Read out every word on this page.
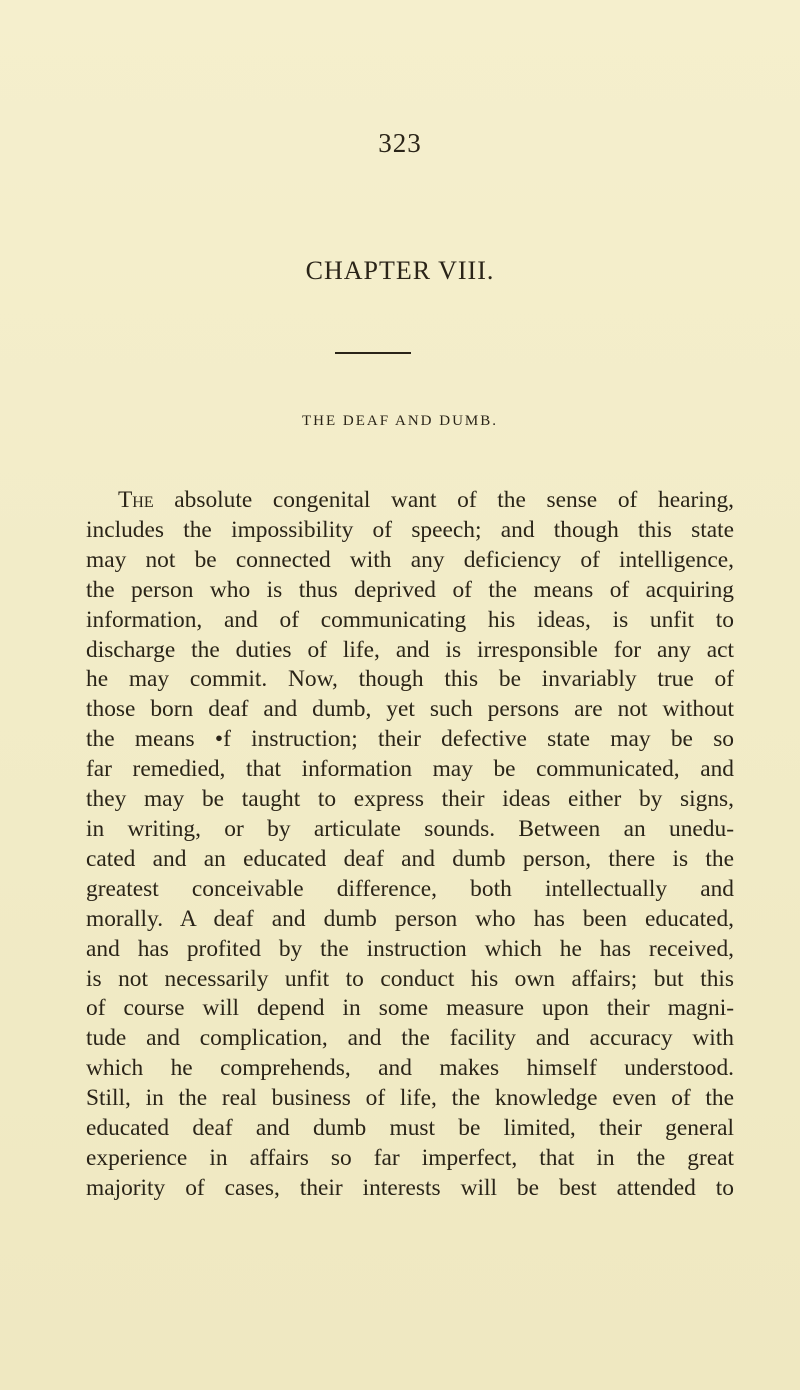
323
CHAPTER VIII.
THE DEAF AND DUMB.
The absolute congenital want of the sense of hearing,
includes the impossibility of speech; and though this state
may not be connected with any deficiency of intelligence,
the person who is thus deprived of the means of acquiring
information, and of communicating his ideas, is unfit to
discharge the duties of life, and is irresponsible for any act
he may commit. Now, though this be invariably true of
those born deaf and dumb, yet such persons are not without
the means •f instruction; their defective state may be so
far remedied, that information may be communicated, and
they may be taught to express their ideas either by signs,
in writing, or by articulate sounds. Between an unedu-
cated and an educated deaf and dumb person, there is the
greatest conceivable difference, both intellectually and
morally. A deaf and dumb person who has been educated,
and has profited by the instruction which he has received,
is not necessarily unfit to conduct his own affairs; but this
of course will depend in some measure upon their magni-
tude and complication, and the facility and accuracy with
which he comprehends, and makes himself understood.
Still, in the real business of life, the knowledge even of the
educated deaf and dumb must be limited, their general
experience in affairs so far imperfect, that in the great
majority of cases, their interests will be best attended to
